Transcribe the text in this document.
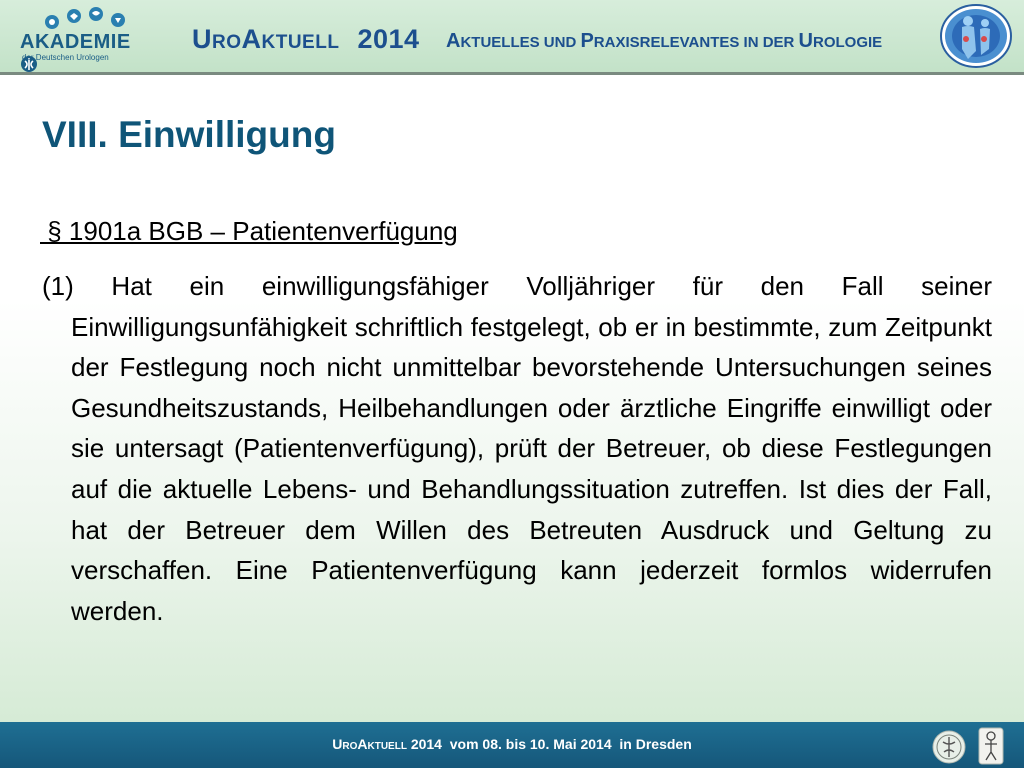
AKADEMIE
der Deutschen Urologen
UROAKTUELL 2014 AKTUELLES UND PRAXISRELEVANTES IN DER UROLOGIE
VIII. Einwilligung
§ 1901a BGB – Patientenverfügung
(1) Hat ein einwilligungsfähiger Volljähriger für den Fall seiner Einwilligungsunfähigkeit schriftlich festgelegt, ob er in bestimmte, zum Zeitpunkt der Festlegung noch nicht unmittelbar bevorstehende Untersuchungen seines Gesundheitszustands, Heilbehandlungen oder ärztliche Eingriffe einwilligt oder sie untersagt (Patientenverfügung), prüft der Betreuer, ob diese Festlegungen auf die aktuelle Lebens- und Behandlungssituation zutreffen. Ist dies der Fall, hat der Betreuer dem Willen des Betreuten Ausdruck und Geltung zu verschaffen. Eine Patientenverfügung kann jederzeit formlos widerrufen werden.
UROAKTUELL 2014  vom 08. bis 10. Mai 2014  in Dresden
